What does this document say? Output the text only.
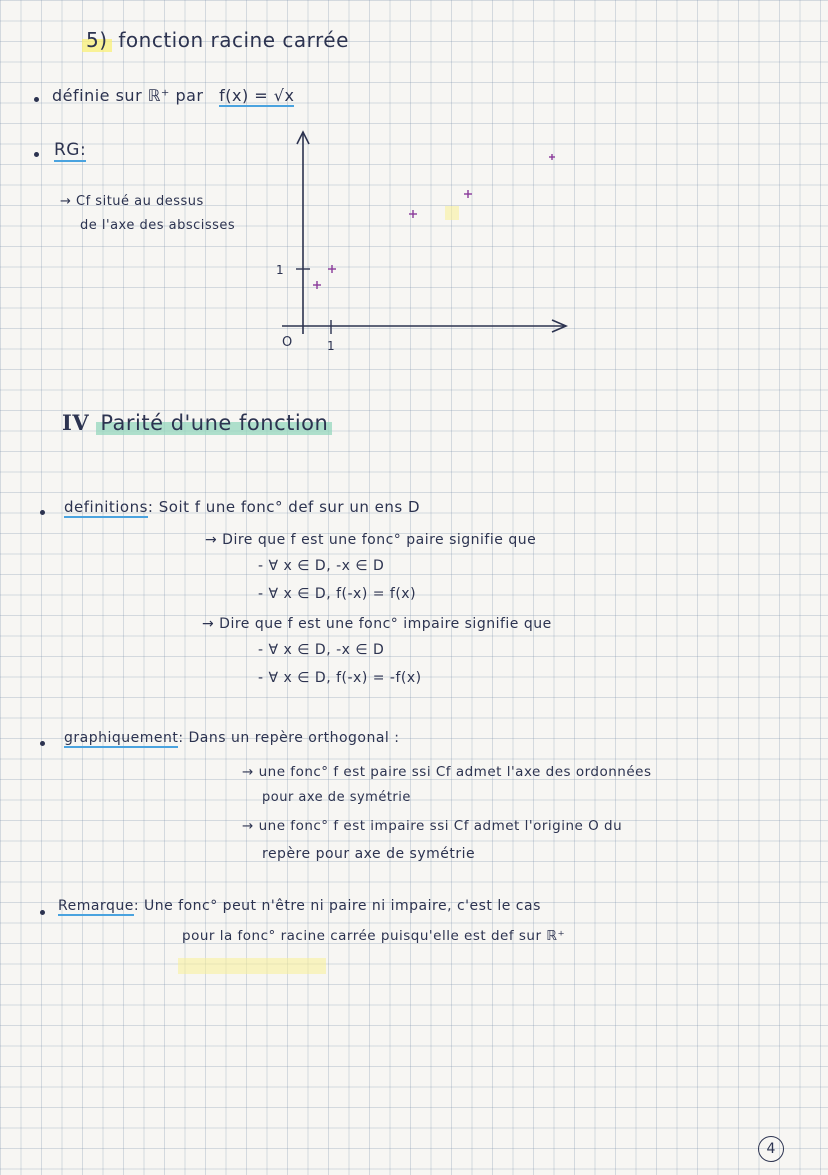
5) fonction racine carrée
définie sur ℝ⁺ par f(x) = √x
RG:
→ Cf situé au dessus
de l'axe des abscisses
O
1
1
IV Parité d'une fonction
definitions: Soit f une fonc° def sur un ens D
→ Dire que f est une fonc° paire signifie que
- ∀ x ∈ D, -x ∈ D
- ∀ x ∈ D, f(-x) = f(x)
→ Dire que f est une fonc° impaire signifie que
- ∀ x ∈ D, -x ∈ D
- ∀ x ∈ D, f(-x) = -f(x)
graphiquement: Dans un repère orthogonal :
→ une fonc° f est paire ssi Cf admet l'axe des ordonnées
pour axe de symétrie
→ une fonc° f est impaire ssi Cf admet l'origine O du
repère pour axe de symétrie
Remarque: Une fonc° peut n'être ni paire ni impaire, c'est le cas
pour la fonc° racine carrée puisqu'elle est def sur ℝ⁺
4
